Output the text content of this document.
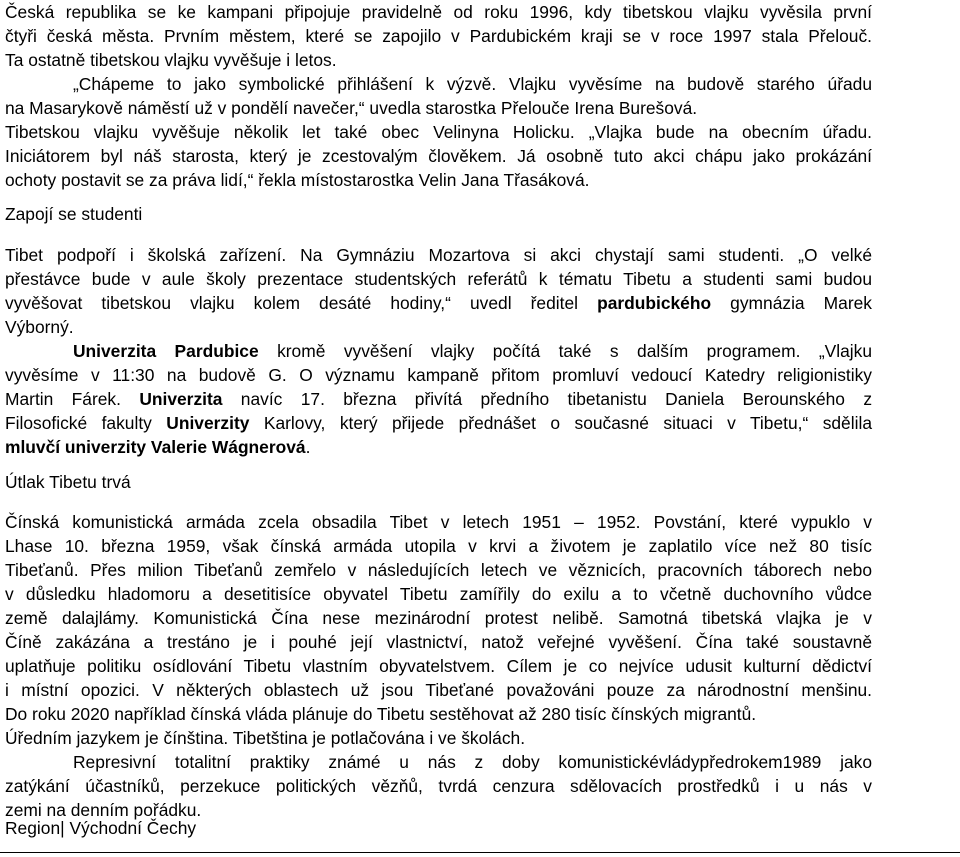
Česká republika se ke kampani připojuje pravidelně od roku 1996, kdy tibetskou vlajku vyvěsila první
čtyři česká města. Prvním městem, které se zapojilo v Pardubickém kraji se v roce 1997 stala Přelouč.
Ta ostatně tibetskou vlajku vyvěšuje i letos.
„Chápeme to jako symbolické přihlášení k výzvě. Vlajku vyvěsíme na budově starého úřadu
na Masarykově náměstí už v pondělí navečer,“ uvedla starostka Přelouče Irena Burešová.
Tibetskou vlajku vyvěšuje několik let také obec Velinyna Holicku. „Vlajka bude na obecním úřadu.
Iniciátorem byl náš starosta, který je zcestovalým člověkem. Já osobně tuto akci chápu jako prokázání
ochoty postavit se za práva lidí,“ řekla místostarostka Velin Jana Třasáková.
Zapojí se studenti
Tibet podpoří i školská zařízení. Na Gymnáziu Mozartova si akci chystají sami studenti. „O velké
přestávce bude v aule školy prezentace studentských referátů k tématu Tibetu a studenti sami budou
vyvěšovat tibetskou vlajku kolem desáté hodiny,“ uvedl ředitel pardubického gymnázia Marek
Výborný.
Univerzita Pardubice kromě vyvěšení vlajky počítá také s dalším programem. „Vlajku
vyvěsíme v 11:30 na budově G. O významu kampaně přitom promluví vedoucí Katedry religionistiky
Martin Fárek. Univerzita navíc 17. března přivítá předního tibetanistu Daniela Berounského z
Filosofické fakulty Univerzity Karlovy, který přijede přednášet o současné situaci v Tibetu,“ sdělila
mluvčí univerzity Valerie Wágnerová.
Útlak Tibetu trvá
Čínská komunistická armáda zcela obsadila Tibet v letech 1951 – 1952. Povstání, které vypuklo v
Lhase 10. března 1959, však čínská armáda utopila v krvi a životem je zaplatilo více než 80 tisíc
Tibeťanů. Přes milion Tibeťanů zemřelo v následujících letech ve věznicích, pracovních táborech nebo
v důsledku hladomoru a desetitisíce obyvatel Tibetu zamířily do exilu a to včetně duchovního vůdce
země dalajlámy. Komunistická Čína nese mezinárodní protest nelibě. Samotná tibetská vlajka je v
Číně zakázána a trestáno je i pouhé její vlastnictví, natož veřejné vyvěšení. Čína také soustavně
uplatňuje politiku osídlování Tibetu vlastním obyvatelstvem. Cílem je co nejvíce udusit kulturní dědictví
i místní opozici. V některých oblastech už jsou Tibeťané považováni pouze za národnostní menšinu.
Do roku 2020 například čínská vláda plánuje do Tibetu sestěhovat až 280 tisíc čínských migrantů.
Úředním jazykem je čínština. Tibetština je potlačována i ve školách.
Represivní totalitní praktiky známé u nás z doby komunistickévládypředrokem1989 jako
zatýkání účastníků, perzekuce politických vězňů, tvrdá cenzura sdělovacích prostředků i u nás v
zemi na denním pořádku.
Region| Východní Čechy
